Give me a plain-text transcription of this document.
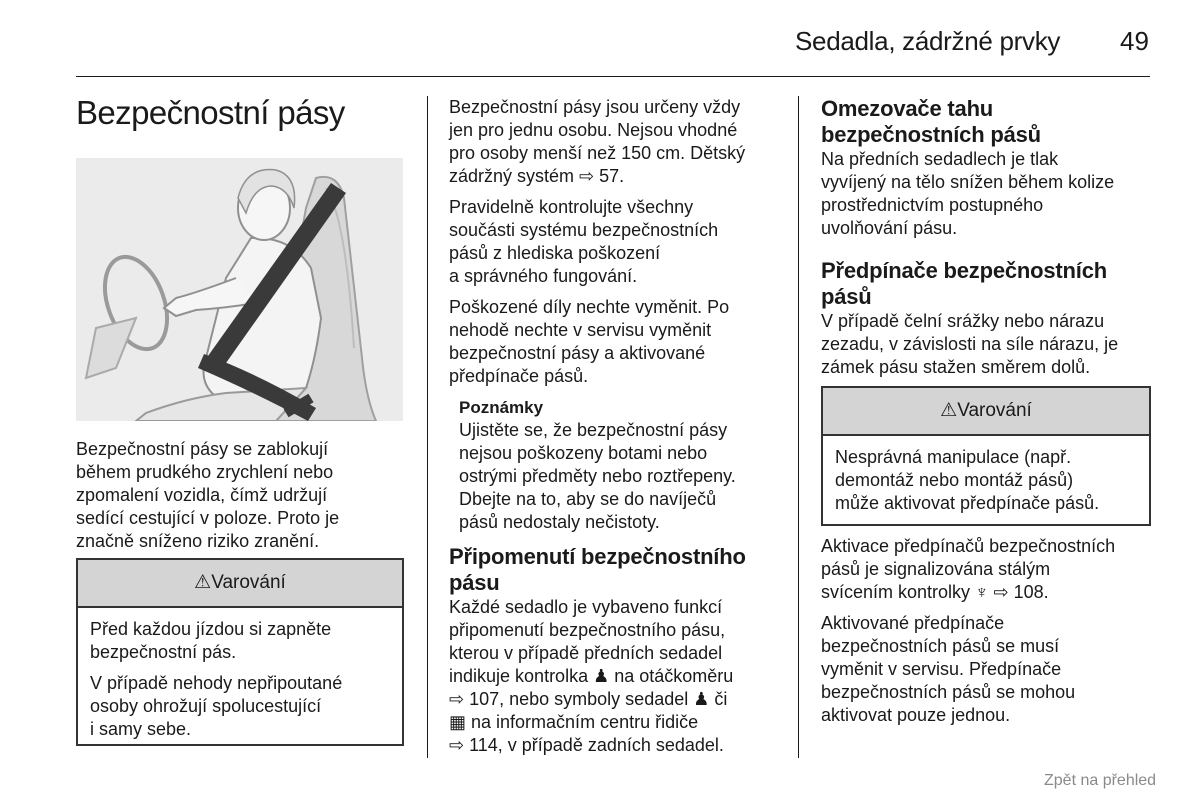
Sedadla, zádržné prvky 49
Bezpečnostní pásy

Bezpečnostní pásy se zablokují

během prudkého zrychlení nebo

zpomalení vozidla, čímž udržují

sedící cestující v poloze. Proto je

značně sníženo riziko zranění.

⚠Varování

Před každou jízdou si zapněte

bezpečnostní pás.

V případě nehody nepřipoutané

osoby ohrožují spolucestující

i samy sebe.

Bezpečnostní pásy jsou určeny vždy

jen pro jednu osobu. Nejsou vhodné

pro osoby menší než 150 cm. Dětský

zádržný systém ⇨ 57.

Pravidelně kontrolujte všechny

součásti systému bezpečnostních

pásů z hlediska poškození

a správného fungování.

Poškozené díly nechte vyměnit. Po

nehodě nechte v servisu vyměnit

bezpečnostní pásy a aktivované

předpínače pásů.

Poznámky

Ujistěte se, že bezpečnostní pásy

nejsou poškozeny botami nebo

ostrými předměty nebo roztřepeny.

Dbejte na to, aby se do navíječů

pásů nedostaly nečistoty.

Připomenutí bezpečnostního

pásu

Každé sedadlo je vybaveno funkcí

připomenutí bezpečnostního pásu,

kterou v případě předních sedadel

indikuje kontrolka ♟ na otáčkoměru

⇨ 107, nebo symboly sedadel ♟ či

▦ na informačním centru řidiče

⇨ 114, v případě zadních sedadel.

Omezovače tahu

bezpečnostních pásů

Na předních sedadlech je tlak

vyvíjený na tělo snížen během kolize

prostřednictvím postupného

uvolňování pásu.

Předpínače bezpečnostních

pásů

V případě čelní srážky nebo nárazu

zezadu, v závislosti na síle nárazu, je

zámek pásu stažen směrem dolů.

⚠Varování

Nesprávná manipulace (např.

demontáž nebo montáž pásů)

může aktivovat předpínače pásů.

Aktivace předpínačů bezpečnostních

pásů je signalizována stálým

svícením kontrolky ♆ ⇨ 108.

Aktivované předpínače

bezpečnostních pásů se musí

vyměnit v servisu. Předpínače

bezpečnostních pásů se mohou

aktivovat pouze jednou.

Zpět na přehled
